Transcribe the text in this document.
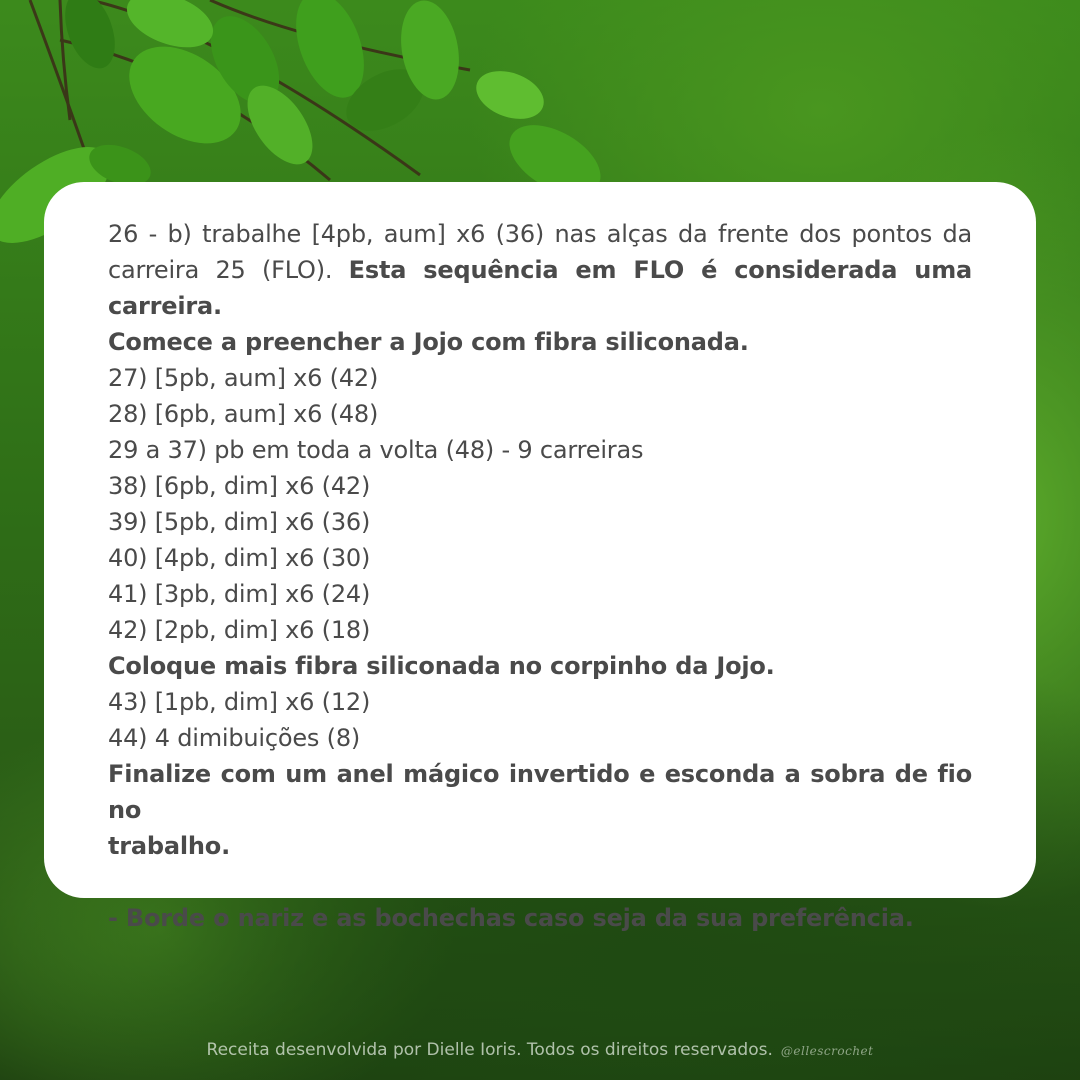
26 - b) trabalhe [4pb, aum] x6 (36) nas alças da frente dos pontos da
carreira 25 (FLO). Esta sequência em FLO é considerada uma carreira.
Comece a preencher a Jojo com fibra siliconada.
27) [5pb, aum] x6 (42)
28) [6pb, aum] x6 (48)
29 a 37) pb em toda a volta (48) - 9 carreiras
38) [6pb, dim] x6 (42)
39) [5pb, dim] x6 (36)
40) [4pb, dim] x6 (30)
41) [3pb, dim] x6 (24)
42) [2pb, dim] x6 (18)
Coloque mais fibra siliconada no corpinho da Jojo.
43) [1pb, dim] x6 (12)
44) 4 dimibuições (8)
Finalize com um anel mágico invertido e esconda a sobra de fio no
trabalho.
- Borde o nariz e as bochechas caso seja da sua preferência.
Receita desenvolvida por Dielle Ioris. Todos os direitos reservados. @ellescrochet
